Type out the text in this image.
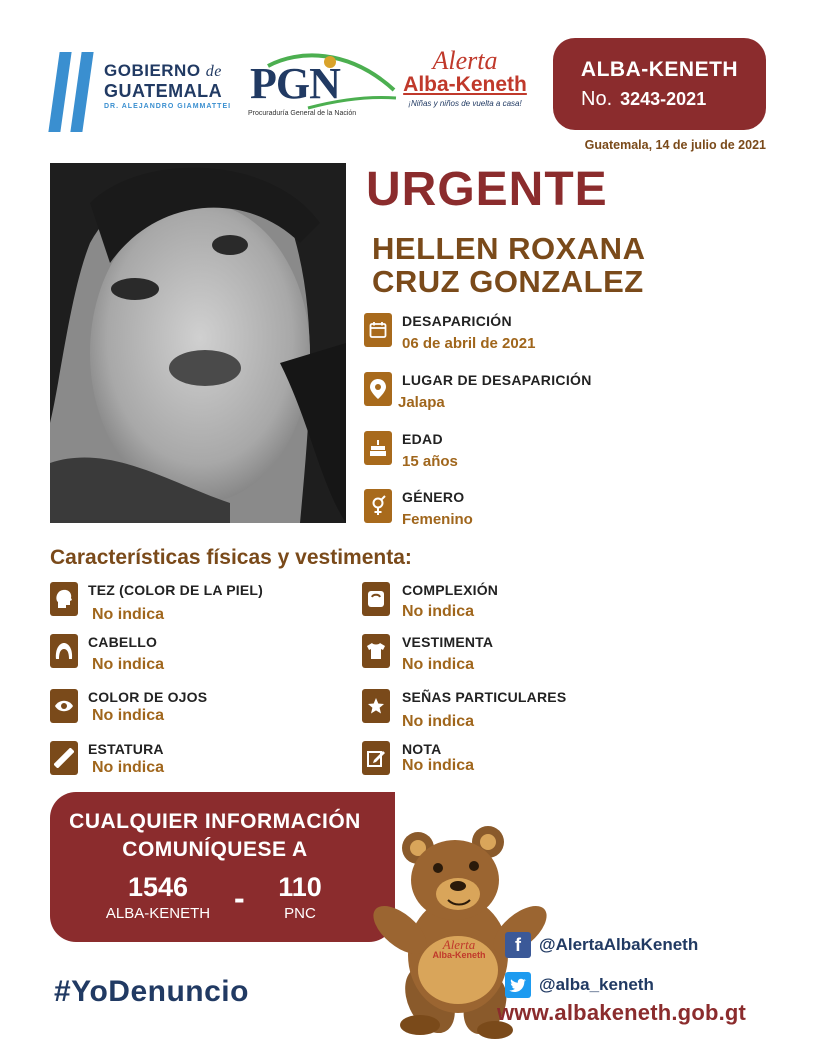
GOBIERNO de
GUATEMALA
DR. ALEJANDRO GIAMMATTEI PGN
Procuraduría General de la Nación
Alerta
Alba-Keneth
¡Niñas y niños de vuelta a casa!
ALBA-KENETH
No. 3243-2021
Guatemala, 14 de julio de 2021
URGENTE
HELLEN ROXANA
CRUZ GONZALEZ
DESAPARICIÓN
06 de abril de 2021
LUGAR DE DESAPARICIÓN
Jalapa
EDAD
15 años
GÉNERO
Femenino
Características físicas y vestimenta:
TEZ (COLOR DE LA PIEL)
No indica
CABELLO
No indica
COLOR DE OJOS
No indica
ESTATURA
No indica
COMPLEXIÓN
No indica
VESTIMENTA
No indica
SEÑAS PARTICULARES
No indica
NOTA
No indica
CUALQUIER INFORMACIÓN
COMUNÍQUESE A
1546
ALBA-KENETH -	110
PNC
Alerta
Alba-Keneth
#YoDenuncio
f	@AlertaAlbaKeneth
@alba_keneth
www.albakeneth.gob.gt
